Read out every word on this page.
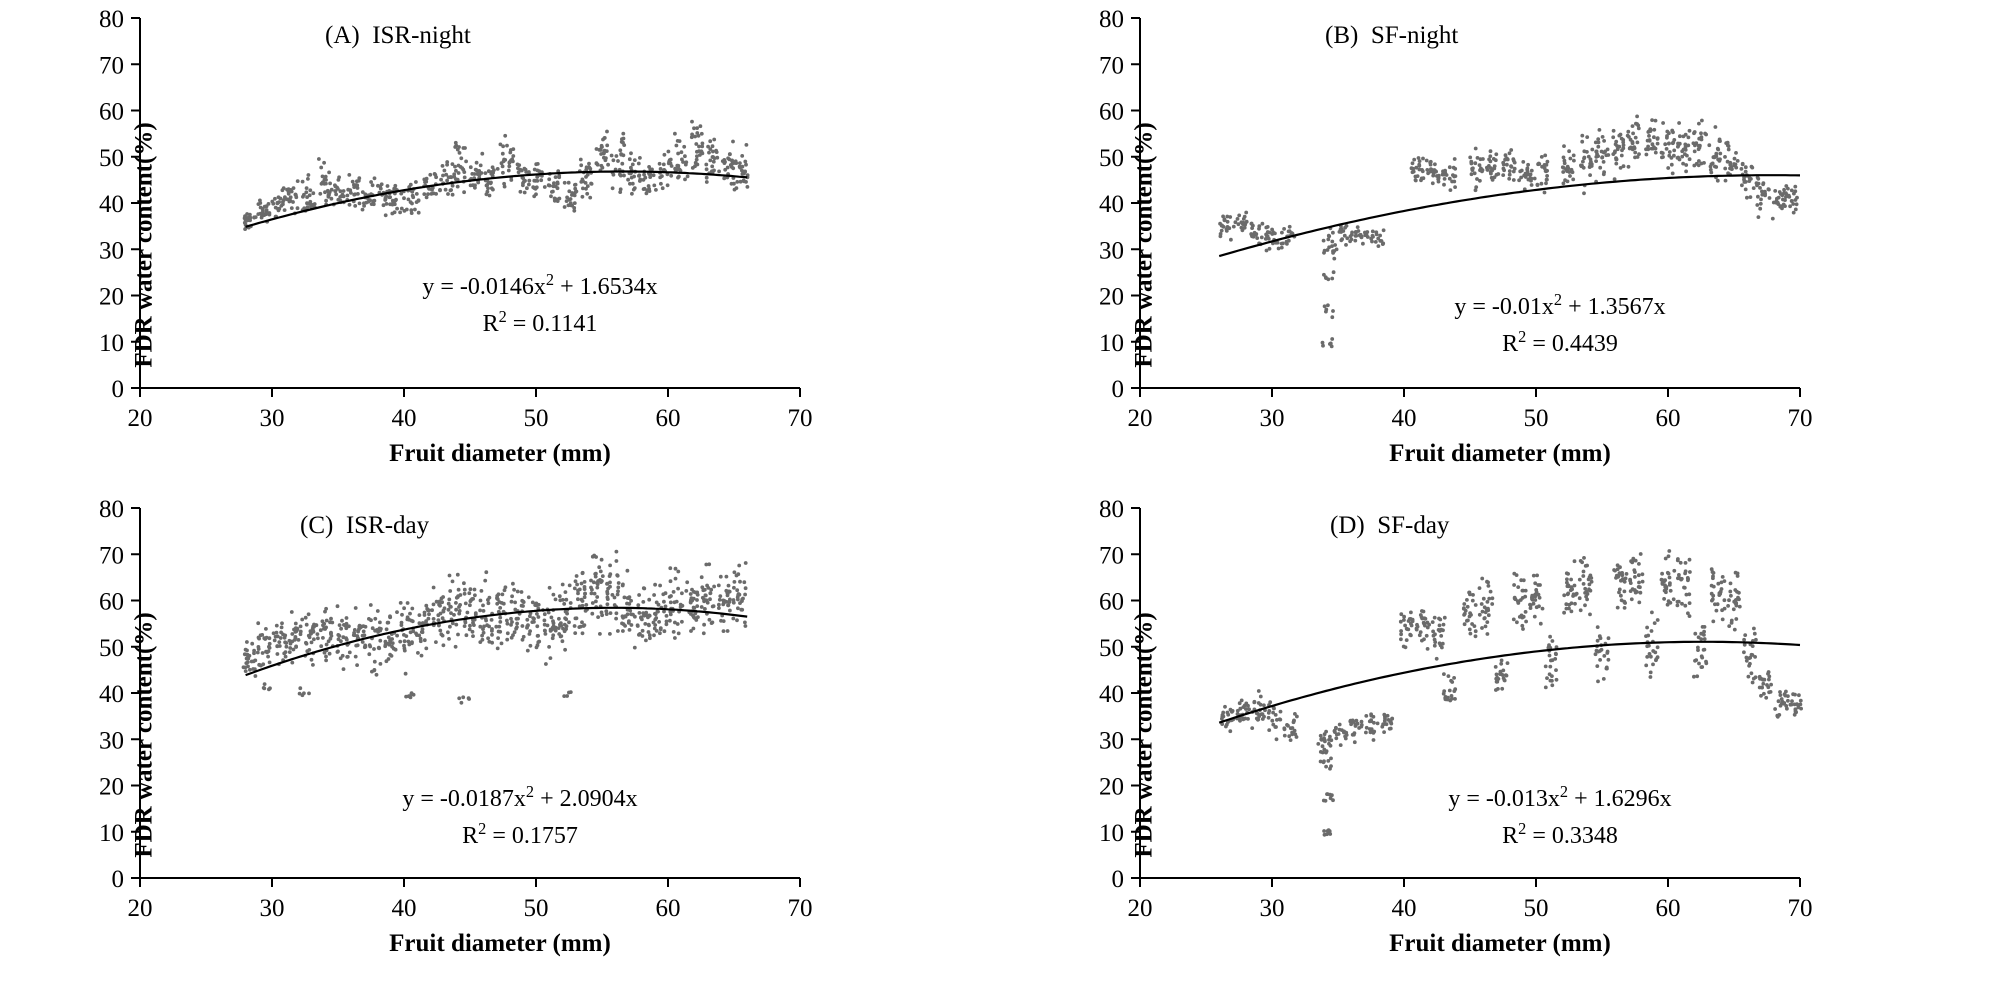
FDR water content(%)
0
10
20
30
40
50
60
70
80
20	30	40	50	60	70
Fruit diameter (mm)
(A)  ISR-night
$y = -0.0146x^2 + 1.6534x$
$R^2 = 0.1141$	FDR water content(%)
0
10
20
30
40
50
60
70
80
20	30	40	50	60	70
Fruit diameter (mm)
(B)  SF-night
$y = -0.01x^2 + 1.3567x$
$R^2 = 0.4439$
FDR water content(%)
0
10
20
30
40
50
60
70
80
20	30	40	50	60	70
Fruit diameter (mm)
(C)  ISR-day
$y = -0.0187x^2 + 2.0904x$
$R^2 = 0.1757$	FDR water content(%)
0
10
20
30
40
50
60
70
80
20	30	40	50	60	70
Fruit diameter (mm)
(D)  SF-day
$y = -0.013x^2 + 1.6296x$
$R^2 = 0.3348$
